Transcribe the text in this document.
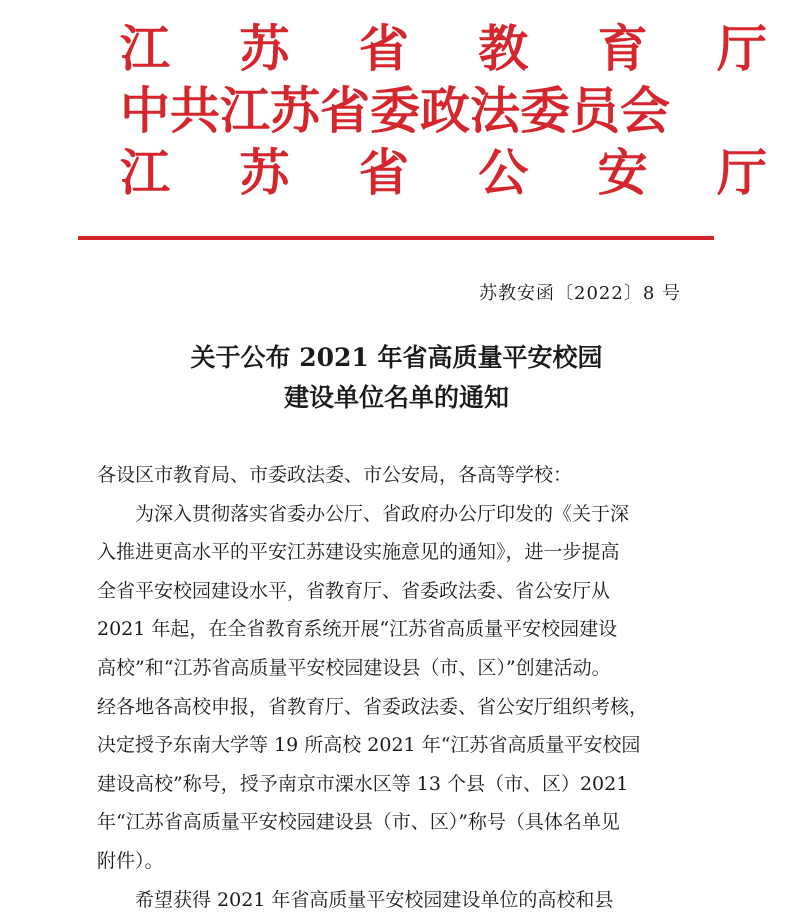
江 苏 省 教 育 厅
中共江苏省委政法委员会
江 苏 省 公 安 厅
苏教安函〔2022〕8 号
关于公布 2021 年省高质量平安校园
建设单位名单的通知

各设区市教育局、市委政法委、市公安局，各高等学校：

为深入贯彻落实省委办公厅、省政府办公厅印发的《关于深

入推进更高水平的平安江苏建设实施意见的通知》，进一步提高

全省平安校园建设水平，省教育厅、省委政法委、省公安厅从

2021 年起，在全省教育系统开展“江苏省高质量平安校园建设

高校”和“江苏省高质量平安校园建设县（市、区）”创建活动。

经各地各高校申报，省教育厅、省委政法委、省公安厅组织考核，

决定授予东南大学等 19 所高校 2021 年“江苏省高质量平安校园

建设高校”称号，授予南京市溧水区等 13 个县（市、区）2021

年“江苏省高质量平安校园建设县（市、区）”称号（具体名单见

附件）。

希望获得 2021 年省高质量平安校园建设单位的高校和县
